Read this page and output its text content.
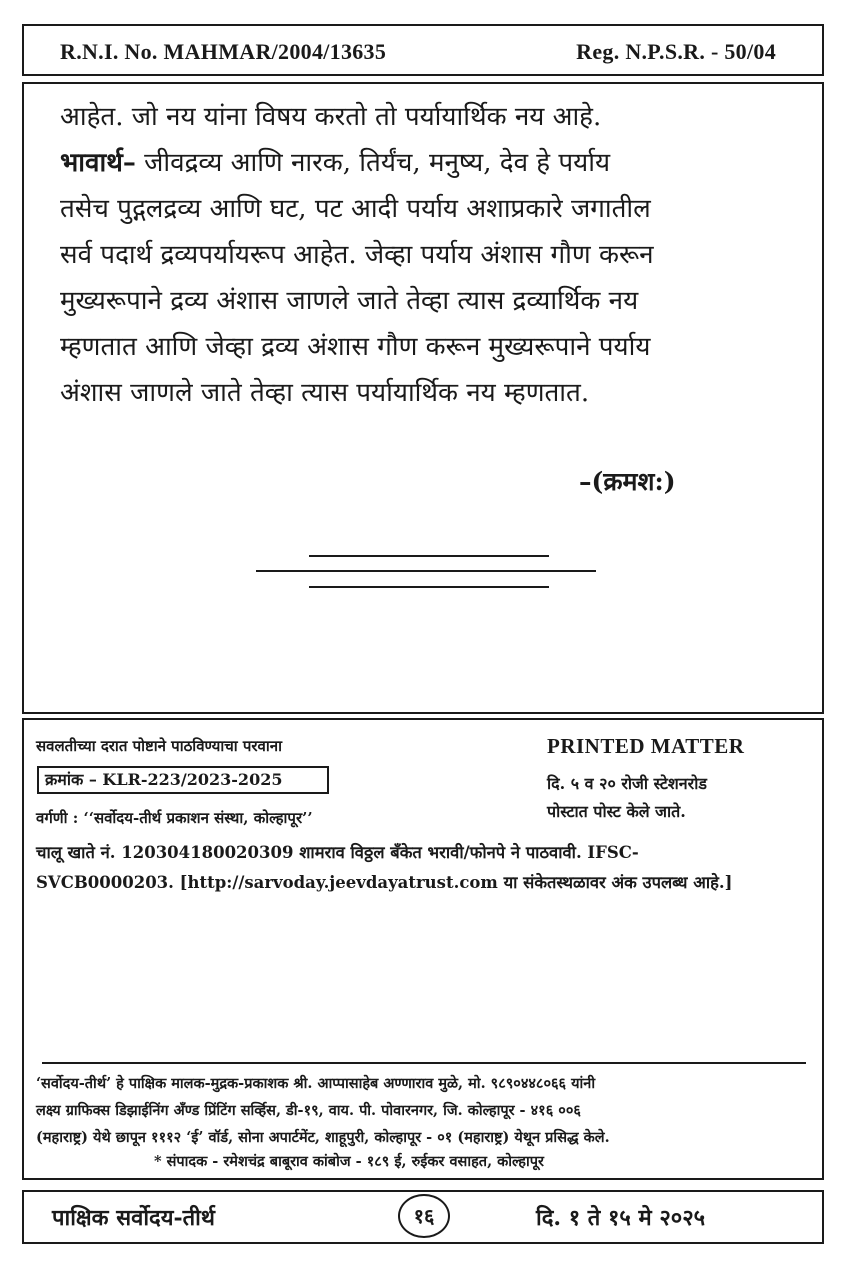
R.N.I. No. MAHMAR/2004/13635	Reg. N.P.S.R. - 50/04
आहेत. जो नय यांना विषय करतो तो पर्यायार्थिक नय आहे.
भावार्थ– जीवद्रव्य आणि नारक, तिर्यंच, मनुष्य, देव हे पर्याय
तसेच पुद्गलद्रव्य आणि घट, पट आदी पर्याय अशाप्रकारे जगातील
सर्व पदार्थ द्रव्यपर्यायरूप आहेत. जेव्हा पर्याय अंशास गौण करून
मुख्यरूपाने द्रव्य अंशास जाणले जाते तेव्हा त्यास द्रव्यार्थिक नय
म्हणतात आणि जेव्हा द्रव्य अंशास गौण करून मुख्यरूपाने पर्याय
अंशास जाणले जाते तेव्हा त्यास पर्यायार्थिक नय म्हणतात.
–(क्रमश:)
सवलतीच्या दरात पोष्टाने पाठविण्याचा परवाना	PRINTED MATTER
क्रमांक – KLR-223/2023-2025	दि. ५ व २० रोजी स्टेशनरोड
पोस्टात पोस्ट केले जाते.
वर्गणी : ‘‘सर्वोदय-तीर्थ प्रकाशन संस्था, कोल्हापूर’’
चालू खाते नं. 120304180020309 शामराव विठ्ठल बँकेत भरावी/फोनपे ने पाठवावी. IFSC-
SVCB0000203. [http://sarvoday.jeevdayatrust.com या संकेतस्थळावर अंक उपलब्ध आहे.]
‘सर्वोदय-तीर्थ’ हे पाक्षिक मालक-मुद्रक-प्रकाशक श्री. आप्पासाहेब अण्णाराव मुळे, मो. ९८९०४४८०६६ यांनी
लक्ष्य ग्राफिक्स डिझाईनिंग अँण्ड प्रिंटिंग सर्व्हिस, डी-१९, वाय. पी. पोवारनगर, जि. कोल्हापूर - ४१६ ००६
(महाराष्ट्र) येथे छापून १११२ ‘ई’ वॉर्ड, सोना अपार्टमेंट, शाहूपुरी, कोल्हापूर - ०१ (महाराष्ट्र) येथून प्रसिद्ध केले.
* संपादक - रमेशचंद्र बाबूराव कांबोज - १८९ ई, रुईकर वसाहत, कोल्हापूर
पाक्षिक सर्वोदय-तीर्थ	१६	दि. १ ते १५ मे २०२५
